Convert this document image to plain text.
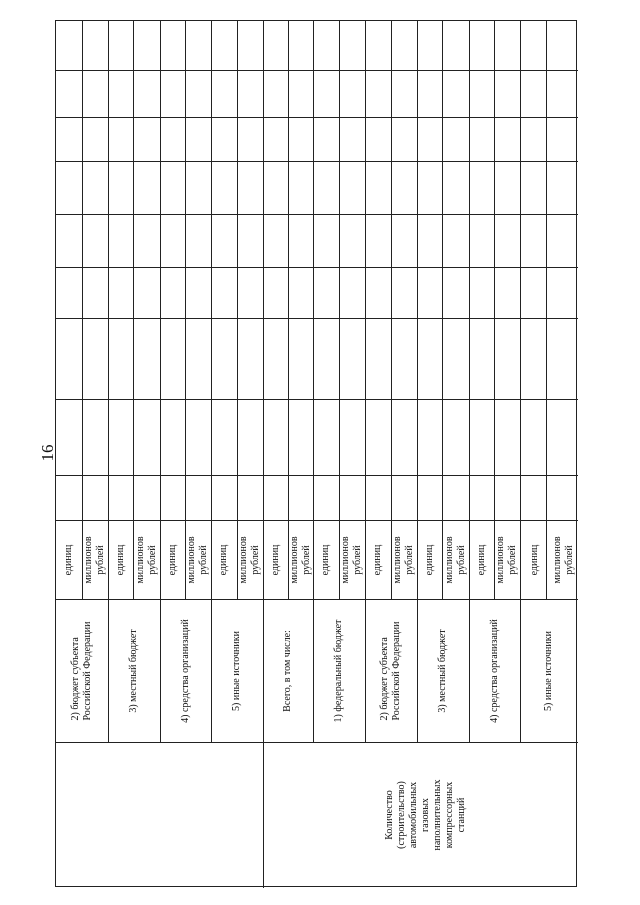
16
2) бюджет субъекта
Российской Федерации
единиц миллионов
рублей
3) местный бюджет
единиц миллионов
рублей
4) средства организаций
единиц миллионов
рублей
5) иные источники
единиц миллионов
рублей
Всего, в том числе:
единиц миллионов
рублей
1) федеральный бюджет
единиц миллионов
рублей
2) бюджет субъекта
Российской Федерации
единиц миллионов
рублей
3) местный бюджет
единиц миллионов
рублей
4) средства организаций
единиц миллионов
рублей
5) иные источники
единиц миллионов
рублей
Количество
(строительство)
автомобильных
газовых
наполнительных
компрессорных
станций
